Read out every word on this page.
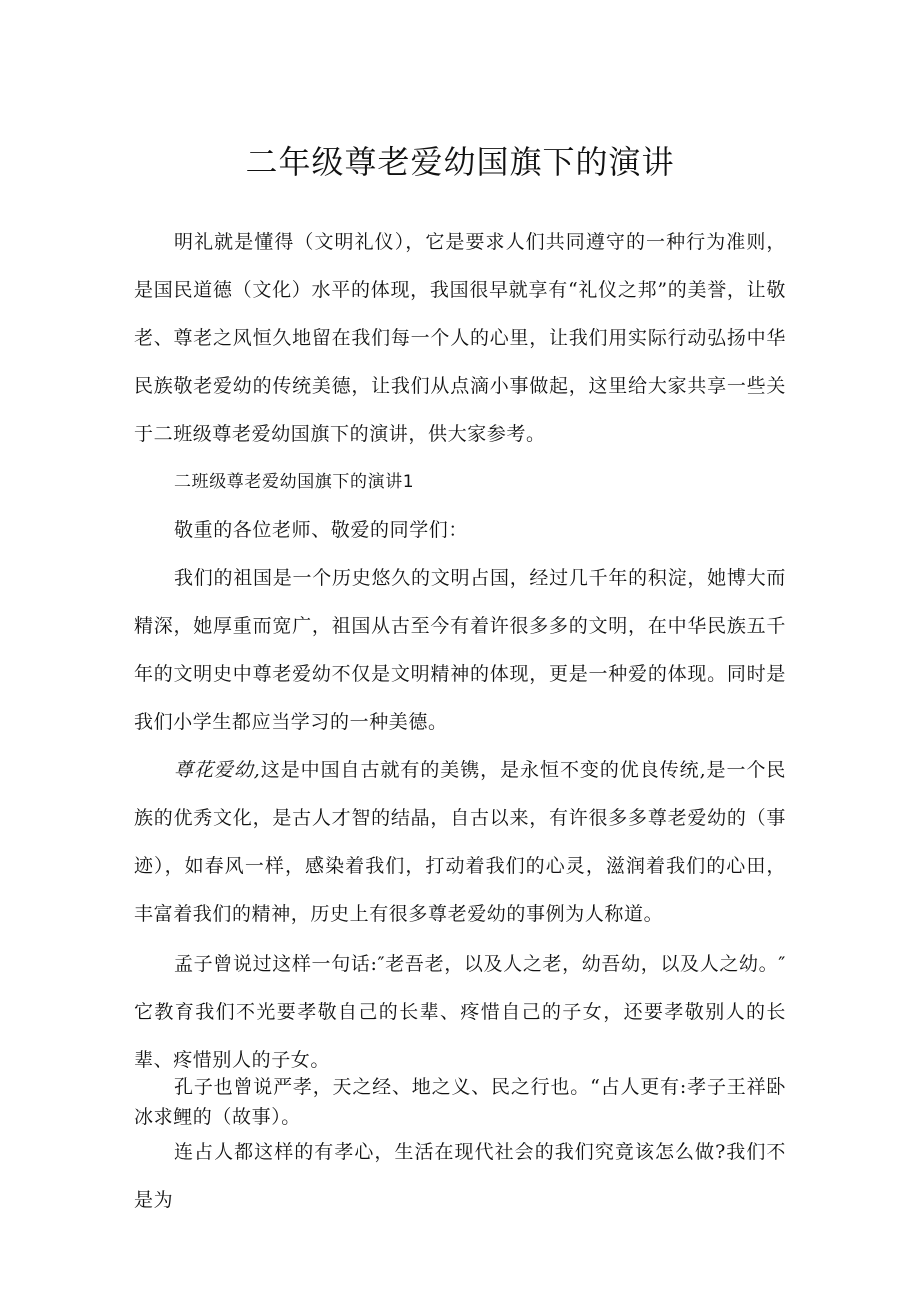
二年级尊老爱幼国旗下的演讲

明礼就是懂得（文明礼仪），它是要求人们共同遵守的一种行为准则，是国民道德（文化）水平的体现，我国很早就享有“礼仪之邦”的美誉，让敬老、尊老之风恒久地留在我们每一个人的心里，让我们用实际行动弘扬中华民族敬老爱幼的传统美德，让我们从点滴小事做起，这里给大家共享一些关于二班级尊老爱幼国旗下的演讲，供大家参考。

二班级尊老爱幼国旗下的演讲1

敬重的各位老师、敬爱的同学们：

我们的祖国是一个历史悠久的文明占国，经过几千年的积淀，她博大而精深，她厚重而宽广，祖国从古至今有着许很多多的文明，在中华民族五千年的文明史中尊老爱幼不仅是文明精神的体现，更是一种爱的体现。同时是我们小学生都应当学习的一种美德。

尊花爱幼,这是中国自古就有的美镌，是永恒不变的优良传统,是一个民族的优秀文化，是古人才智的结晶，自古以来，有许很多多尊老爱幼的（事迹），如春风一样，感染着我们，打动着我们的心灵，滋润着我们的心田，丰富着我们的精神，历史上有很多尊老爱幼的事例为人称道。

孟子曾说过这样一句话:″老吾老，以及人之老，幼吾幼，以及人之幼。″它教育我们不光要孝敬自己的长辈、疼惜自己的子女，还要孝敬别人的长辈、疼惜别人的子女。

孔子也曾说严孝，天之经、地之义、民之行也。“占人更有:孝子王祥卧冰求鲤的（故事）。

连占人都这样的有孝心，生活在现代社会的我们究竟该怎么做?我们不是为
